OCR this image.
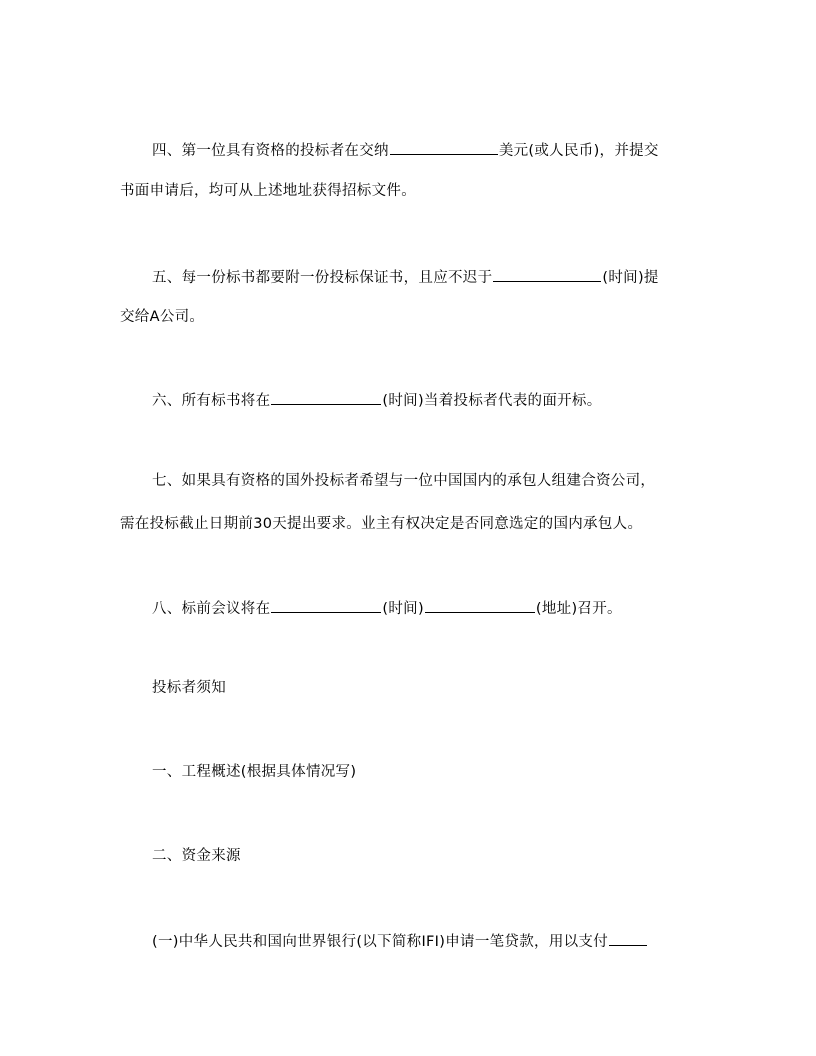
四、第一位具有资格的投标者在交纳	美元(或人民币)，并提交
书面申请后，均可从上述地址获得招标文件。
五、每一份标书都要附一份投标保证书，且应不迟于	(时间)提
交给A公司。
六、所有标书将在	(时间)当着投标者代表的面开标。
七、如果具有资格的国外投标者希望与一位中国国内的承包人组建合资公司，
需在投标截止日期前30天提出要求。业主有权决定是否同意选定的国内承包人。
八、标前会议将在	(时间)	(地址)召开。
投标者须知
一、工程概述(根据具体情况写)
二、资金来源
(一)中华人民共和国向世界银行(以下简称IFI)申请一笔贷款，用以支付
